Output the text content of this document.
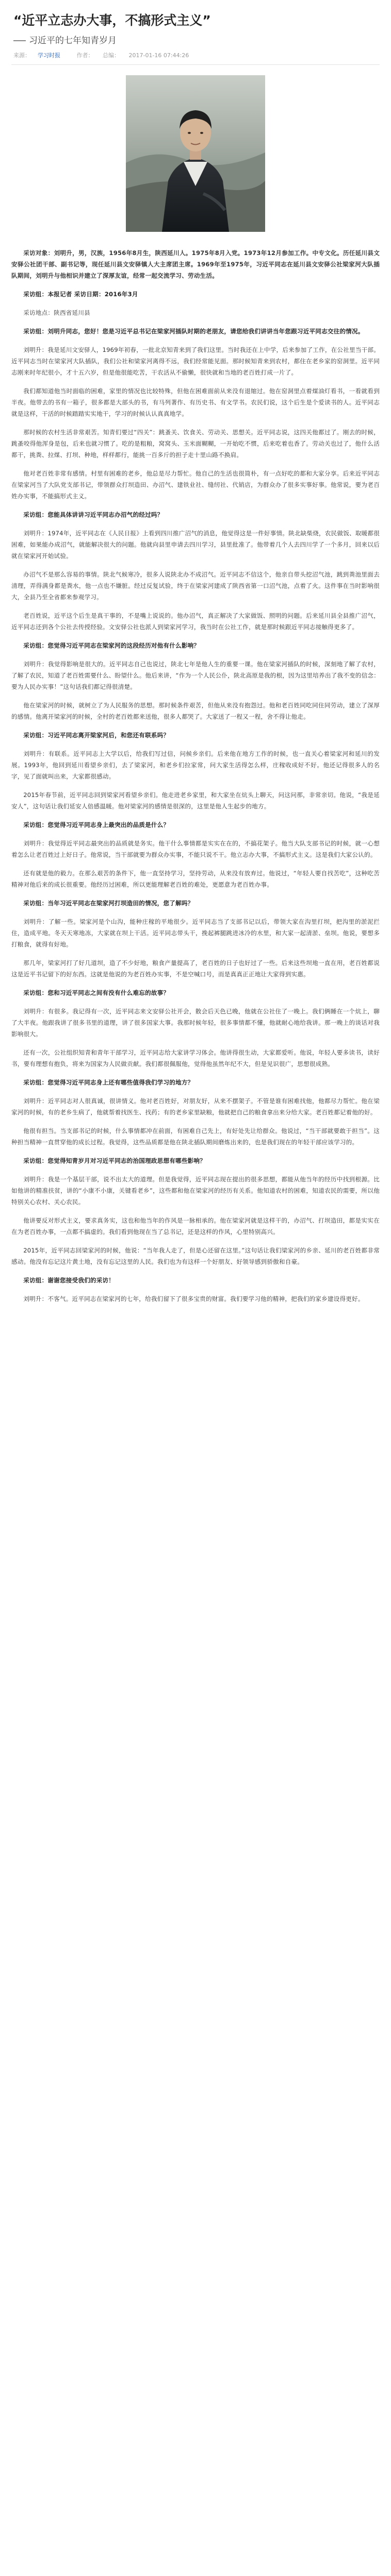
“近平立志办大事，不搞形式主义”
习近平的七年知青岁月
来源： 学习时报	作者： 总编： 2017-01-16 07:44:26

采访对象：刘明升，男，汉族，1956年8月生，陕西延川人。1975年8月入党。1973年12月参加工作。中专文化。历任延川县文安驿公社团干部、副书记等，现任延川县文安驿镇人大主席团主席。1969年至1975年，习近平同志在延川县文安驿公社梁家河大队插队期间，刘明升与他相识并建立了深厚友谊，经常一起交流学习、劳动生活。

采访组：本报记者 采访日期：2016年3月

采访地点：陕西省延川县

采访组：刘明升同志，您好！您是习近平总书记在梁家河插队时期的老朋友，请您给我们讲讲当年您跟习近平同志交往的情况。

刘明升：我是延川文安驿人，1969年初春，一批北京知青来到了我们这里。当时我还在上中学，后来参加了工作，在公社里当干部。近平同志当时在梁家河大队插队，我们公社和梁家河离得不远，我们经常能见面。那时候知青来到农村，都住在老乡家的窑洞里。近平同志刚来时年纪很小，才十五六岁，但是他很能吃苦，干农活从不偷懒，很快就和当地的老百姓打成一片了。

我们都知道他当时面临的困难，家里的情况也比较特殊，但他在困难面前从来没有退缩过。他在窑洞里点着煤油灯看书，一看就看到半夜。他带去的书有一箱子，很多都是大部头的书，有马列著作、有历史书、有文学书。农民们说，这个后生是个爱读书的人。近平同志就是这样，干活的时候踏踏实实地干，学习的时候认认真真地学。

那时候的农村生活非常艰苦。知青们要过“四关”：跳蚤关、饮食关、劳动关、思想关。近平同志说，这四关他都过了。刚去的时候，跳蚤咬得他浑身是包，后来也就习惯了。吃的是粗粮，窝窝头、玉米面糊糊，一开始吃不惯，后来吃着也香了。劳动关也过了，他什么活都干，挑粪、拉煤、打坝、种地，样样都行，能挑一百多斤的担子走十里山路不换肩。

他对老百姓非常有感情。村里有困难的老乡，他总是尽力帮忙。他自己的生活也很简朴，有一点好吃的都和大家分享。后来近平同志在梁家河当了大队党支部书记，带领群众打坝造田、办沼气、建铁业社、缝纫社、代销店，为群众办了很多实事好事。他常说，要为老百姓办实事，不能搞形式主义。

采访组：您能具体讲讲习近平同志办沼气的经过吗？

刘明升：1974年，近平同志在《人民日报》上看到四川推广沼气的消息，他觉得这是一件好事情。陕北缺柴烧，农民做饭、取暖都很困难，如果能办成沼气，就能解决很大的问题。他就向县里申请去四川学习，县里批准了。他带着几个人去四川学了一个多月，回来以后就在梁家河开始试验。

办沼气不是那么容易的事情。陕北气候寒冷，很多人说陕北办不成沼气。近平同志不信这个，他亲自带头挖沼气池，跳到粪池里面去清理，弄得满身都是粪水，他一点也不嫌脏。经过反复试验，终于在梁家河建成了陕西省第一口沼气池，点着了火。这件事在当时影响很大，全县乃至全省都来参观学习。

老百姓说，近平这个后生是真干事的，不是嘴上说说的。他办沼气，真正解决了大家做饭、照明的问题。后来延川县全县推广沼气，近平同志还到各个公社去传授经验。文安驿公社也派人到梁家河学习，我当时在公社工作，就是那时候跟近平同志接触得更多了。

采访组：您觉得习近平同志在梁家河的这段经历对他有什么影响？

刘明升：我觉得影响是很大的。近平同志自己也说过，陕北七年是他人生的重要一课。他在梁家河插队的时候，深刻地了解了农村，了解了农民，知道了老百姓需要什么、盼望什么。他后来讲，“作为一个人民公仆，陕北高原是我的根，因为这里培养出了我不变的信念：要为人民办实事！”这句话我们都记得很清楚。

他在梁家河的时候，就树立了为人民服务的思想。那时候条件艰苦，但他从来没有抱怨过。他和老百姓同吃同住同劳动，建立了深厚的感情。他离开梁家河的时候，全村的老百姓都来送他，很多人都哭了。大家送了一程又一程，舍不得让他走。

采访组：习近平同志离开梁家河后，和您还有联系吗？

刘明升：有联系。近平同志上大学以后，给我们写过信，问候乡亲们。后来他在地方工作的时候，也一直关心着梁家河和延川的发展。1993年，他回到延川看望乡亲们，去了梁家河，和老乡们拉家常，问大家生活得怎么样，庄稼收成好不好。他还记得很多人的名字，见了面就叫出来，大家都很感动。

2015年春节前，近平同志回到梁家河看望乡亲们。他走进老乡家里，和大家坐在炕头上聊天，问这问那，非常亲切。他说，“我是延安人”，这句话让我们延安人倍感温暖。他对梁家河的感情是很深的，这里是他人生起步的地方。

采访组：您觉得习近平同志身上最突出的品质是什么？

刘明升：我觉得近平同志最突出的品质就是务实。他干什么事情都是实实在在的，不搞花架子。他当大队支部书记的时候，就一心想着怎么让老百姓过上好日子。他常说，当干部就要为群众办实事，不能只说不干。他立志办大事，不搞形式主义。这是我们大家公认的。

还有就是他的毅力。在那么艰苦的条件下，他一直坚持学习，坚持劳动，从来没有放弃过。他说过，“年轻人要自找苦吃”，这种吃苦精神对他后来的成长很重要。他经历过困难，所以更能理解老百姓的难处，更愿意为老百姓办事。

采访组：当年习近平同志在梁家河打坝造田的情况，您了解吗？

刘明升：了解一些。梁家河是个山沟，能种庄稼的平地很少。近平同志当了支部书记以后，带领大家在沟里打坝，把沟里的淤泥拦住，造成平地。冬天天寒地冻，大家就在坝上干活。近平同志带头干，挽起裤腿跳进冰冷的水里，和大家一起清淤、垒坝。他说，要想多打粮食，就得有好地。

那几年，梁家河打了好几道坝，造了不少好地，粮食产量提高了，老百姓的日子也好过了一些。后来这些坝地一直在用，老百姓都说这是近平书记留下的好东西。这就是他说的为老百姓办实事，不是空喊口号，而是真真正正地让大家得到实惠。

采访组：您和习近平同志之间有没有什么难忘的故事？

刘明升：有很多。我记得有一次，近平同志来文安驿公社开会，散会后天色已晚，他就在公社住了一晚上。我们俩睡在一个炕上，聊了大半夜。他跟我讲了很多书里的道理，讲了很多国家大事。我那时候年轻，很多事情都不懂，他就耐心地给我讲。那一晚上的谈话对我影响很大。

还有一次，公社组织知青和青年干部学习，近平同志给大家讲学习体会。他讲得很生动，大家都爱听。他说，年轻人要多读书，读好书，要有理想有抱负，将来为国家为人民做贡献。我们都很佩服他，觉得他虽然年纪不大，但是见识很广，思想很成熟。

采访组：您觉得习近平同志身上还有哪些值得我们学习的地方？

刘明升：近平同志对人很真诚，很讲情义。他对老百姓好，对朋友好，从来不摆架子。不管是谁有困难找他，他都尽力帮忙。他在梁家河的时候，有的老乡生病了，他就帮着找医生、找药；有的老乡家里缺粮，他就把自己的粮食拿出来分给大家。老百姓都记着他的好。

他很有担当。当支部书记的时候，什么事情都冲在前面，有困难自己先上，有好处先让给群众。他说过，“当干部就要敢于担当”。这种担当精神一直贯穿他的成长过程。我觉得，这些品质都是他在陕北插队期间磨炼出来的，也是我们现在的年轻干部应该学习的。

采访组：您觉得知青岁月对习近平同志的治国理政思想有哪些影响？

刘明升：我是一个基层干部，说不出太大的道理。但是我觉得，近平同志现在提出的很多思想，都能从他当年的经历中找到根源。比如他讲的精准扶贫，讲的“小康不小康，关键看老乡”，这些都和他在梁家河的经历有关系。他知道农村的困难，知道农民的需要，所以他特别关心农村、关心农民。

他讲要反对形式主义，要求真务实，这也和他当年的作风是一脉相承的。他在梁家河就是这样干的，办沼气、打坝造田，都是实实在在为老百姓办事，一点都不搞虚的。我们看到他现在当了总书记，还是这样的作风，心里特别高兴。

2015年，近平同志回梁家河的时候，他说：“当年我人走了，但是心还留在这里。”这句话让我们梁家河的乡亲、延川的老百姓都非常感动。他没有忘记这片黄土地，没有忘记这里的人民。我们也为有这样一个好朋友、好领导感到骄傲和自豪。

采访组：谢谢您接受我们的采访！

刘明升：不客气。近平同志在梁家河的七年，给我们留下了很多宝贵的财富。我们要学习他的精神，把我们的家乡建设得更好。
